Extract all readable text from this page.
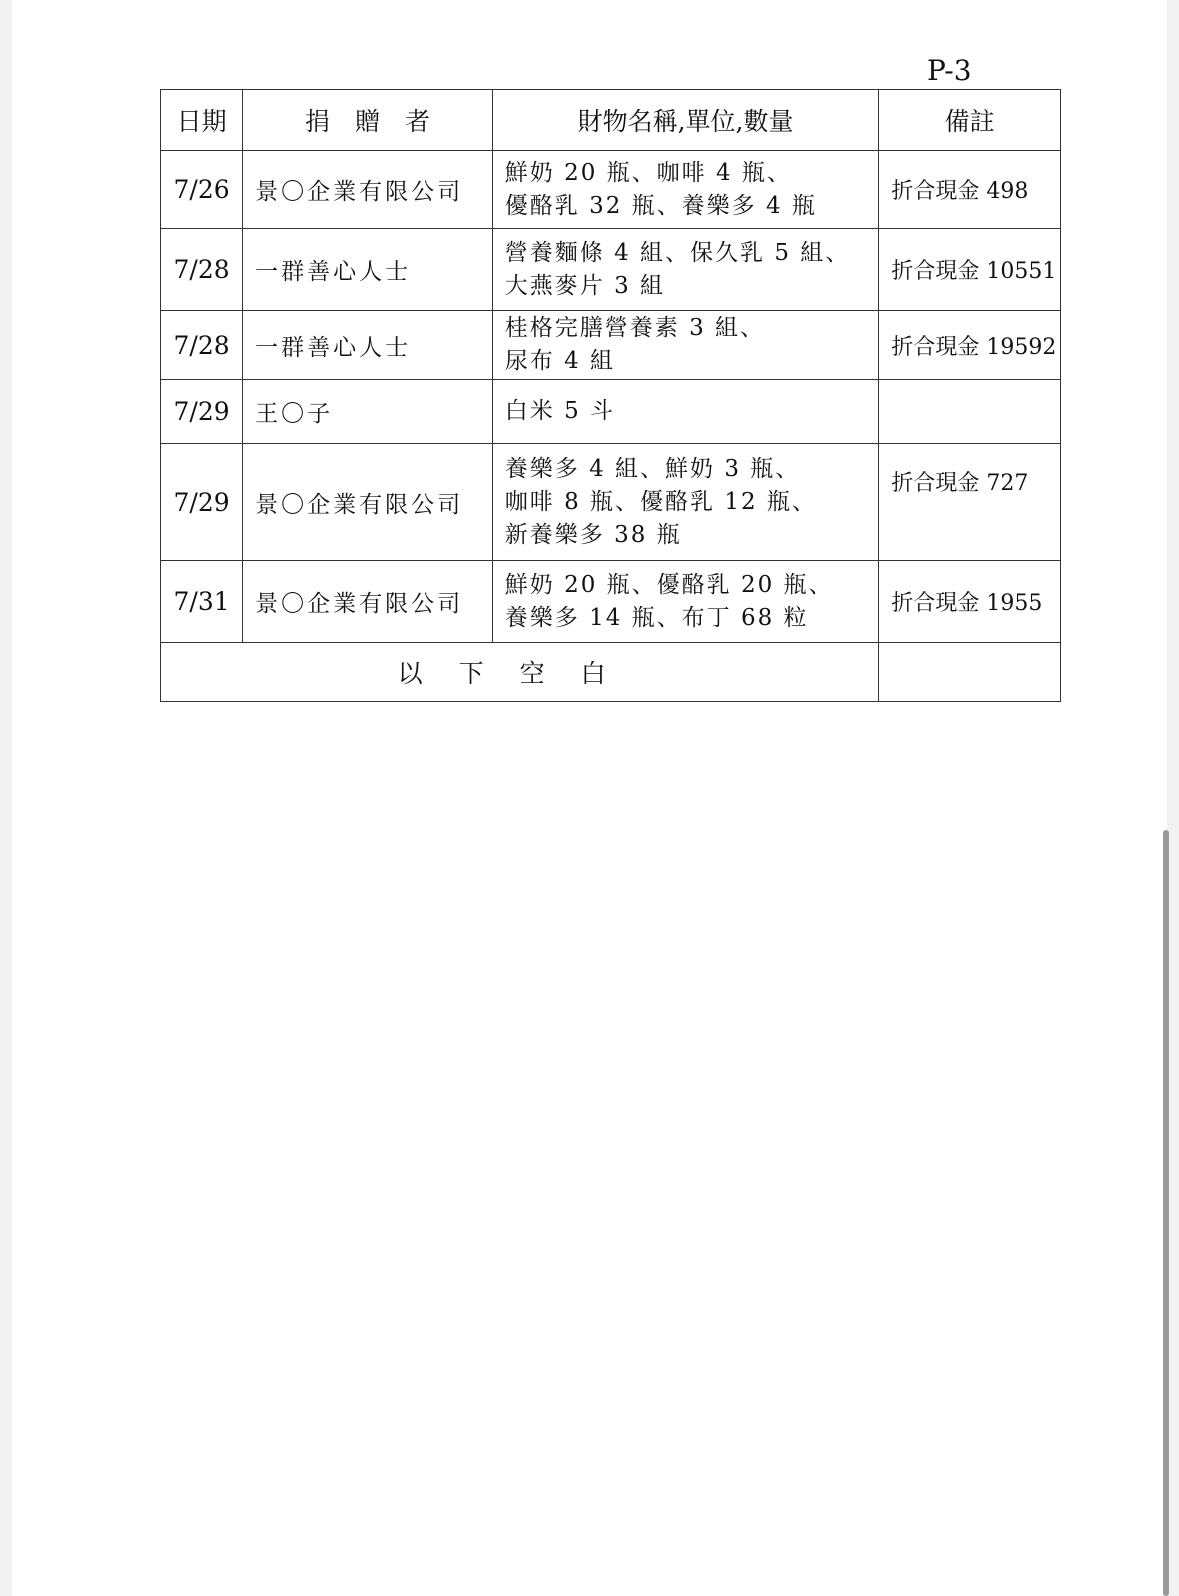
P-3
日期	捐　贈　者	財物名稱,單位,數量	備註
7/26	景〇企業有限公司	鮮奶 20 瓶、咖啡 4 瓶、
優酪乳 32 瓶、養樂多 4 瓶	折合現金 498
7/28	一群善心人士	營養麵條 4 組、保久乳 5 組、
大燕麥片 3 組	折合現金 10551
7/28	一群善心人士	桂格完膳營養素 3 組、
尿布 4 組	折合現金 19592
7/29	王〇子	白米 5 斗	

7/29	景〇企業有限公司	養樂多 4 組、鮮奶 3 瓶、
咖啡 8 瓶、優酪乳 12 瓶、
新養樂多 38 瓶	折合現金 727
7/31	景〇企業有限公司	鮮奶 20 瓶、優酪乳 20 瓶、
養樂多 14 瓶、布丁 68 粒	折合現金 1955
以下空白			
